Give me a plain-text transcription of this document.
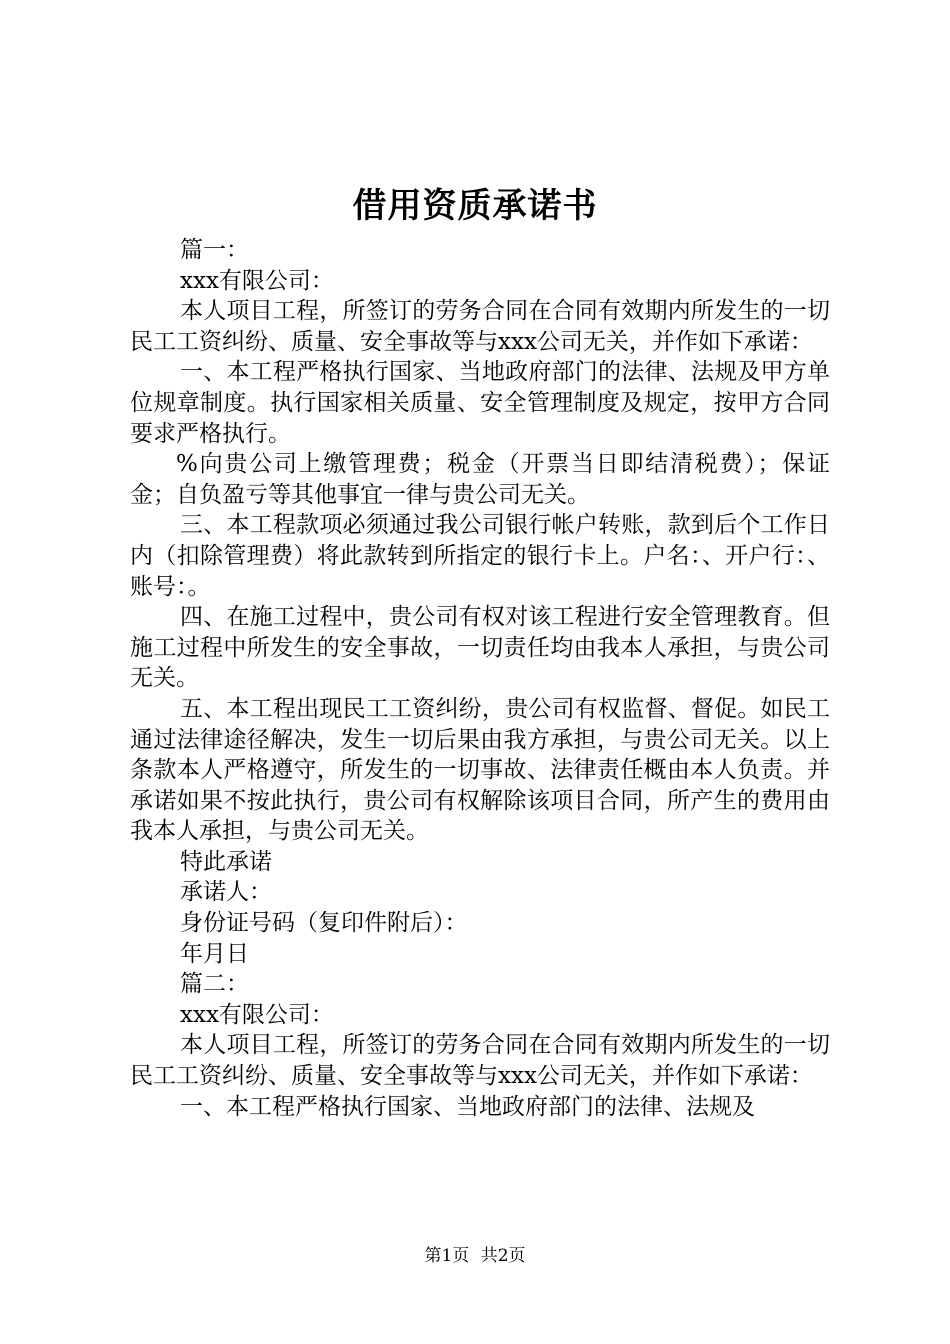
借用资质承诺书

篇一：

xxx有限公司：

本人项目工程，所签订的劳务合同在合同有效期内所发生的一切民工工资纠纷、质量、安全事故等与xxx公司无关，并作如下承诺：

一、本工程严格执行国家、当地政府部门的法律、法规及甲方单位规章制度。执行国家相关质量、安全管理制度及规定，按甲方合同要求严格执行。

%向贵公司上缴管理费；税金（开票当日即结清税费）；保证金；自负盈亏等其他事宜一律与贵公司无关。

三、本工程款项必须通过我公司银行帐户转账，款到后个工作日内（扣除管理费）将此款转到所指定的银行卡上。户名：、开户行：、账号：。

四、在施工过程中，贵公司有权对该工程进行安全管理教育。但施工过程中所发生的安全事故，一切责任均由我本人承担，与贵公司无关。

五、本工程出现民工工资纠纷，贵公司有权监督、督促。如民工通过法律途径解决，发生一切后果由我方承担，与贵公司无关。以上条款本人严格遵守，所发生的一切事故、法律责任概由本人负责。并承诺如果不按此执行，贵公司有权解除该项目合同，所产生的费用由我本人承担，与贵公司无关。

特此承诺

承诺人：

身份证号码（复印件附后）：

年月日

篇二：

xxx有限公司：

本人项目工程，所签订的劳务合同在合同有效期内所发生的一切民工工资纠纷、质量、安全事故等与xxx公司无关，并作如下承诺：

一、本工程严格执行国家、当地政府部门的法律、法规及

第1页 共2页
